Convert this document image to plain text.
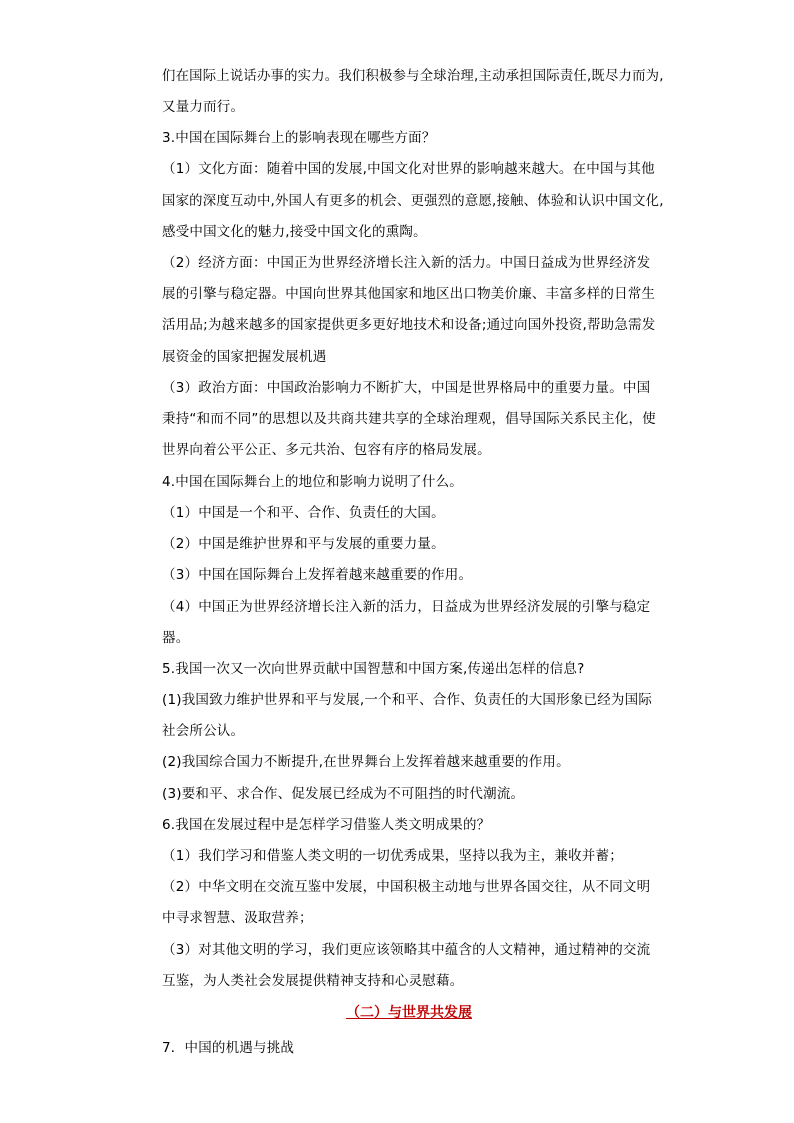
们在国际上说话办事的实力。我们积极参与全球治理,主动承担国际责任,既尽力而为,
又量力而行。
3.中国在国际舞台上的影响表现在哪些方面？
（1）文化方面：随着中国的发展,中国文化对世界的影响越来越大。在中国与其他
国家的深度互动中,外国人有更多的机会、更强烈的意愿,接触、体验和认识中国文化,
感受中国文化的魅力,接受中国文化的熏陶。
（2）经济方面：中国正为世界经济增长注入新的活力。中国日益成为世界经济发
展的引擎与稳定器。中国向世界其他国家和地区出口物美价廉、丰富多样的日常生
活用品;为越来越多的国家提供更多更好地技术和设备;通过向国外投资,帮助急需发
展资金的国家把握发展机遇
（3）政治方面：中国政治影响力不断扩大，中国是世界格局中的重要力量。中国
秉持“和而不同”的思想以及共商共建共享的全球治理观，倡导国际关系民主化，使
世界向着公平公正、多元共治、包容有序的格局发展。
4.中国在国际舞台上的地位和影响力说明了什么。
（1）中国是一个和平、合作、负责任的大国。
（2）中国是维护世界和平与发展的重要力量。
（3）中国在国际舞台上发挥着越来越重要的作用。
（4）中国正为世界经济增长注入新的活力，日益成为世界经济发展的引擎与稳定
器。
5.我国一次又一次向世界贡献中国智慧和中国方案,传递出怎样的信息?
(1)我国致力维护世界和平与发展,一个和平、合作、负责任的大国形象已经为国际
社会所公认。
(2)我国综合国力不断提升,在世界舞台上发挥着越来越重要的作用。
(3)要和平、求合作、促发展已经成为不可阻挡的时代潮流。
6.我国在发展过程中是怎样学习借鉴人类文明成果的？
（1）我们学习和借鉴人类文明的一切优秀成果，坚持以我为主，兼收并蓄；
（2）中华文明在交流互鉴中发展，中国积极主动地与世界各国交往，从不同文明
中寻求智慧、汲取营养；
（3）对其他文明的学习，我们更应该领略其中蕴含的人文精神，通过精神的交流
互鉴，为人类社会发展提供精神支持和心灵慰藉。
（二）与世界共发展
7．中国的机遇与挑战
